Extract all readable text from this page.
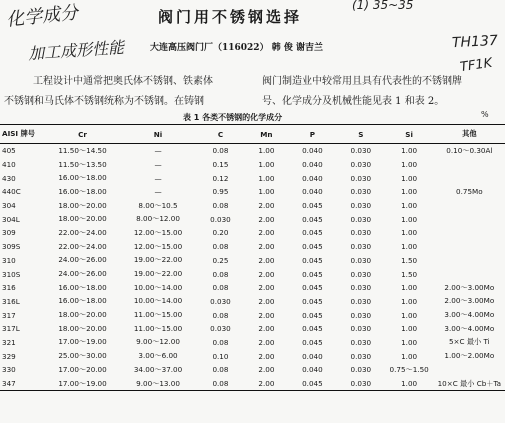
化学成分
加工成形性能
(1) 35~35
TH137
TF1K
阀门用不锈钢选择
大连高压阀门厂（116022） 韩 俊 谢吉兰
工程设计中通常把奥氏体不锈钢、铁素体	阀门制造业中较常用且具有代表性的不锈钢牌
不锈钢和马氏体不锈钢统称为不锈钢。在铸钢	号、化学成分及机械性能见表 1 和表 2。
表 1 各类不锈钢的化学成分	%
AISI 牌号	Cr	Ni	C	Mn	P	S	Si	其他
405	11.50～14.50	—	0.08	1.00	0.040	0.030	1.00	0.10～0.30Al
410	11.50～13.50	—	0.15	1.00	0.040	0.030	1.00	
430	16.00～18.00	—	0.12	1.00	0.040	0.030	1.00	
440C	16.00～18.00	—	0.95	1.00	0.040	0.030	1.00	0.75Mo
304	18.00～20.00	8.00～10.5	0.08	2.00	0.045	0.030	1.00	
304L	18.00～20.00	8.00～12.00	0.030	2.00	0.045	0.030	1.00	
309	22.00～24.00	12.00～15.00	0.20	2.00	0.045	0.030	1.00	
309S	22.00～24.00	12.00～15.00	0.08	2.00	0.045	0.030	1.00	
310	24.00～26.00	19.00～22.00	0.25	2.00	0.045	0.030	1.50	
310S	24.00～26.00	19.00～22.00	0.08	2.00	0.045	0.030	1.50	
316	16.00～18.00	10.00～14.00	0.08	2.00	0.045	0.030	1.00	2.00～3.00Mo
316L	16.00～18.00	10.00～14.00	0.030	2.00	0.045	0.030	1.00	2.00～3.00Mo
317	18.00～20.00	11.00～15.00	0.08	2.00	0.045	0.030	1.00	3.00～4.00Mo
317L	18.00～20.00	11.00～15.00	0.030	2.00	0.045	0.030	1.00	3.00～4.00Mo
321	17.00～19.00	9.00～12.00	0.08	2.00	0.045	0.030	1.00	5×C 最小 Ti
329	25.00～30.00	3.00～6.00	0.10	2.00	0.040	0.030	1.00	1.00～2.00Mo
330	17.00～20.00	34.00～37.00	0.08	2.00	0.040	0.030	0.75～1.50	
347	17.00～19.00	9.00～13.00	0.08	2.00	0.045	0.030	1.00	10×C 最小 Cb＋Ta
